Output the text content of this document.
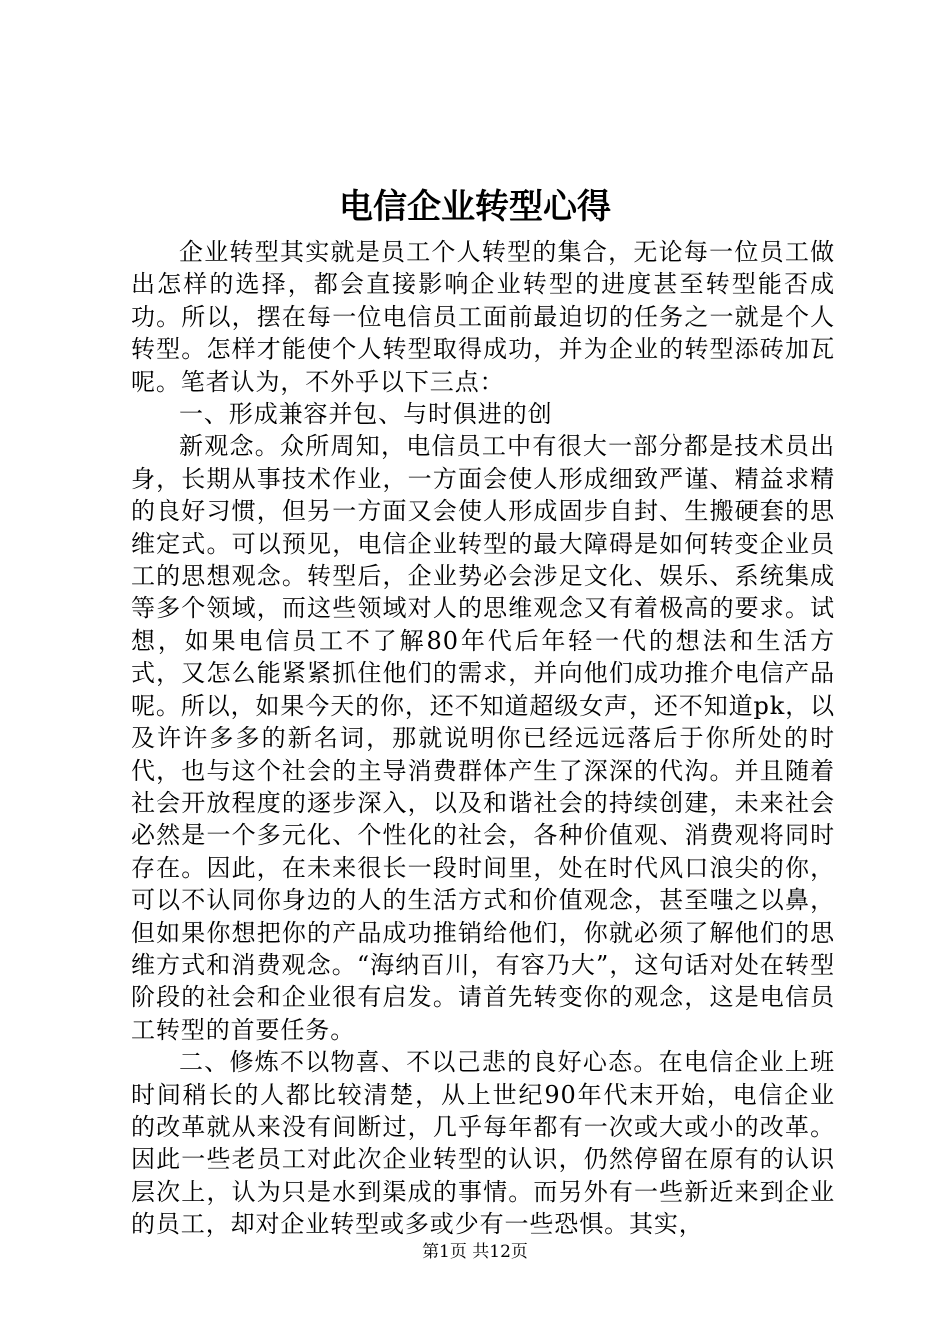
电信企业转型心得

企业转型其实就是员工个人转型的集合，无论每一位员工做出怎样的选择，都会直接影响企业转型的进度甚至转型能否成功。所以，摆在每一位电信员工面前最迫切的任务之一就是个人转型。怎样才能使个人转型取得成功，并为企业的转型添砖加瓦呢。笔者认为，不外乎以下三点：

一、形成兼容并包、与时俱进的创

新观念。众所周知，电信员工中有很大一部分都是技术员出身，长期从事技术作业，一方面会使人形成细致严谨、精益求精的良好习惯，但另一方面又会使人形成固步自封、生搬硬套的思维定式。可以预见，电信企业转型的最大障碍是如何转变企业员工的思想观念。转型后，企业势必会涉足文化、娱乐、系统集成等多个领域，而这些领域对人的思维观念又有着极高的要求。试想，如果电信员工不了解80年代后年轻一代的想法和生活方式，又怎么能紧紧抓住他们的需求，并向他们成功推介电信产品呢。所以，如果今天的你，还不知道超级女声，还不知道pk，以及许许多多的新名词，那就说明你已经远远落后于你所处的时代，也与这个社会的主导消费群体产生了深深的代沟。并且随着社会开放程度的逐步深入，以及和谐社会的持续创建，未来社会必然是一个多元化、个性化的社会，各种价值观、消费观将同时存在。因此，在未来很长一段时间里，处在时代风口浪尖的你，可以不认同你身边的人的生活方式和价值观念，甚至嗤之以鼻，但如果你想把你的产品成功推销给他们，你就必须了解他们的思维方式和消费观念。“海纳百川，有容乃大”，这句话对处在转型阶段的社会和企业很有启发。请首先转变你的观念，这是电信员工转型的首要任务。

二、修炼不以物喜、不以己悲的良好心态。在电信企业上班时间稍长的人都比较清楚，从上世纪90年代末开始，电信企业的改革就从来没有间断过，几乎每年都有一次或大或小的改革。因此一些老员工对此次企业转型的认识，仍然停留在原有的认识层次上，认为只是水到渠成的事情。而另外有一些新近来到企业的员工，却对企业转型或多或少有一些恐惧。其实，

第1页 共12页
